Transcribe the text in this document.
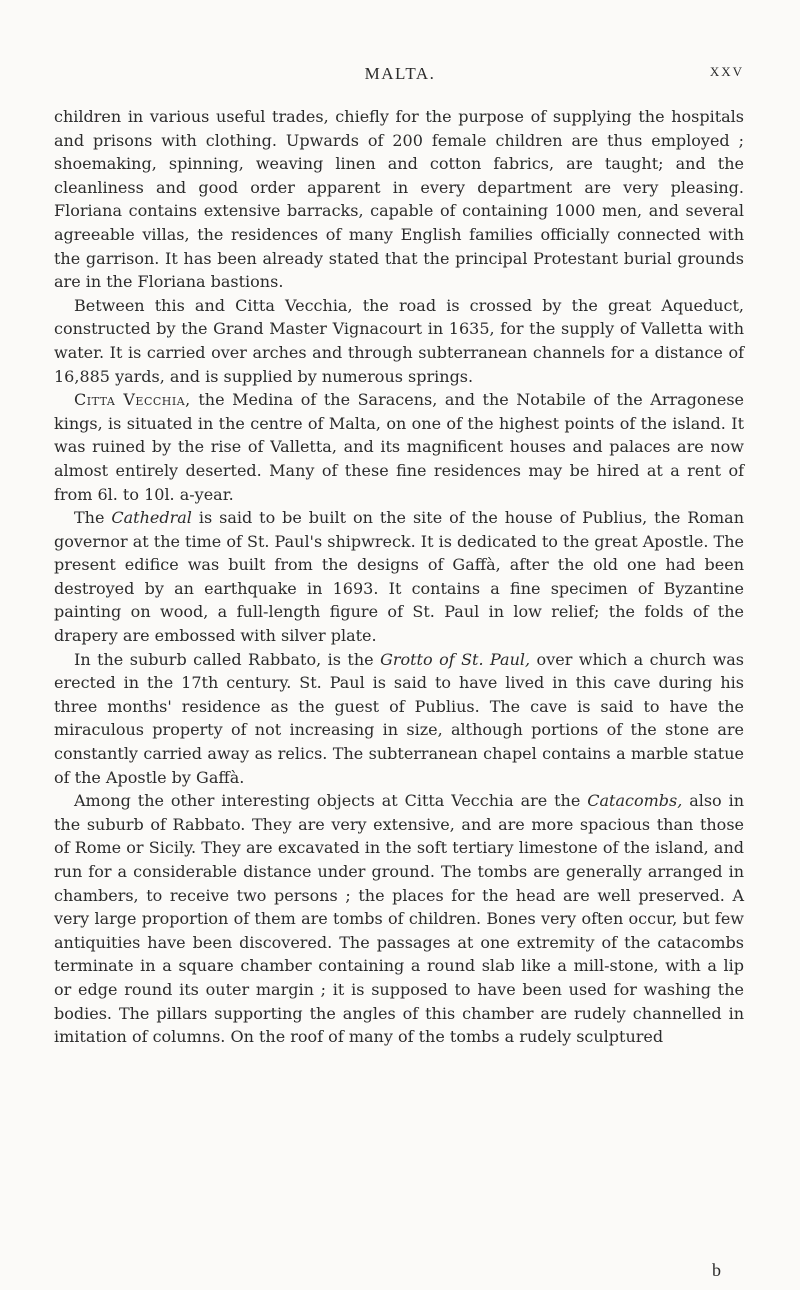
MALTA.	XXV

children in various useful trades, chiefly for the purpose of supplying the hospitals and prisons with clothing. Upwards of 200 female children are thus employed ; shoemaking, spinning, weaving linen and cotton fabrics, are taught; and the cleanliness and good order apparent in every department are very pleasing. Floriana contains extensive barracks, capable of containing 1000 men, and several agreeable villas, the residences of many English families officially connected with the garrison. It has been already stated that the principal Protestant burial grounds are in the Floriana bastions.

Between this and Citta Vecchia, the road is crossed by the great Aqueduct, constructed by the Grand Master Vignacourt in 1635, for the supply of Valletta with water. It is carried over arches and through subterranean channels for a distance of 16,885 yards, and is supplied by numerous springs.

Citta Vecchia, the Medina of the Saracens, and the Notabile of the Arragonese kings, is situated in the centre of Malta, on one of the highest points of the island. It was ruined by the rise of Valletta, and its magnificent houses and palaces are now almost entirely deserted. Many of these fine residences may be hired at a rent of from 6l. to 10l. a-year.

The Cathedral is said to be built on the site of the house of Publius, the Roman governor at the time of St. Paul's shipwreck. It is dedicated to the great Apostle. The present edifice was built from the designs of Gaffà, after the old one had been destroyed by an earthquake in 1693. It contains a fine specimen of Byzantine painting on wood, a full-length figure of St. Paul in low relief; the folds of the drapery are embossed with silver plate.

In the suburb called Rabbato, is the Grotto of St. Paul, over which a church was erected in the 17th century. St. Paul is said to have lived in this cave during his three months' residence as the guest of Publius. The cave is said to have the miraculous property of not increasing in size, although portions of the stone are constantly carried away as relics. The subterranean chapel contains a marble statue of the Apostle by Gaffà.

Among the other interesting objects at Citta Vecchia are the Catacombs, also in the suburb of Rabbato. They are very extensive, and are more spacious than those of Rome or Sicily. They are excavated in the soft tertiary limestone of the island, and run for a considerable distance under ground. The tombs are generally arranged in chambers, to receive two persons ; the places for the head are well preserved. A very large proportion of them are tombs of children. Bones very often occur, but few antiquities have been discovered. The passages at one extremity of the catacombs terminate in a square chamber containing a round slab like a mill-stone, with a lip or edge round its outer margin ; it is supposed to have been used for washing the bodies. The pillars supporting the angles of this chamber are rudely channelled in imitation of columns. On the roof of many of the tombs a rudely sculptured

b
